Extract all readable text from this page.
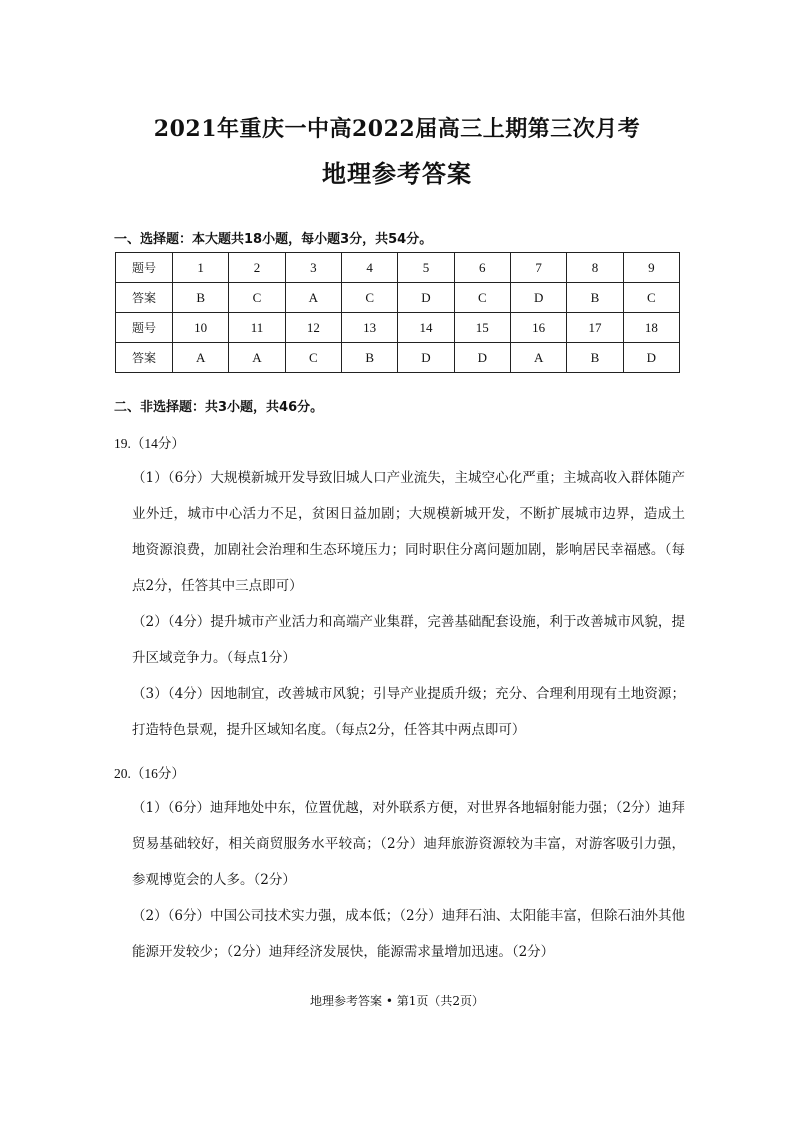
2021年重庆一中高2022届高三上期第三次月考
地理参考答案
一、选择题：本大题共18小题，每小题3分，共54分。
题号	1	2	3	4	5	6	7	8	9
答案	B	C	A	C	D	C	D	B	C
题号	10	11	12	13	14	15	16	17	18
答案	A	A	C	B	D	D	A	B	D
二、非选择题：共3小题，共46分。
19.（14分）
（1）（6分）大规模新城开发导致旧城人口产业流失，主城空心化严重；主城高收入群体随产业外迁，城市中心活力不足，贫困日益加剧；大规模新城开发，不断扩展城市边界，造成土地资源浪费，加剧社会治理和生态环境压力；同时职住分离问题加剧，影响居民幸福感。（每点2分，任答其中三点即可）
（2）（4分）提升城市产业活力和高端产业集群，完善基础配套设施，利于改善城市风貌，提升区域竞争力。（每点1分）
（3）（4分）因地制宜，改善城市风貌；引导产业提质升级；充分、合理利用现有土地资源；打造特色景观，提升区域知名度。（每点2分，任答其中两点即可）
20.（16分）
（1）（6分）迪拜地处中东，位置优越，对外联系方便，对世界各地辐射能力强；（2分）迪拜贸易基础较好，相关商贸服务水平较高；（2分）迪拜旅游资源较为丰富，对游客吸引力强，参观博览会的人多。（2分）
（2）（6分）中国公司技术实力强，成本低；（2分）迪拜石油、太阳能丰富，但除石油外其他能源开发较少；（2分）迪拜经济发展快，能源需求量增加迅速。（2分）
地理参考答案 • 第1页（共2页）
